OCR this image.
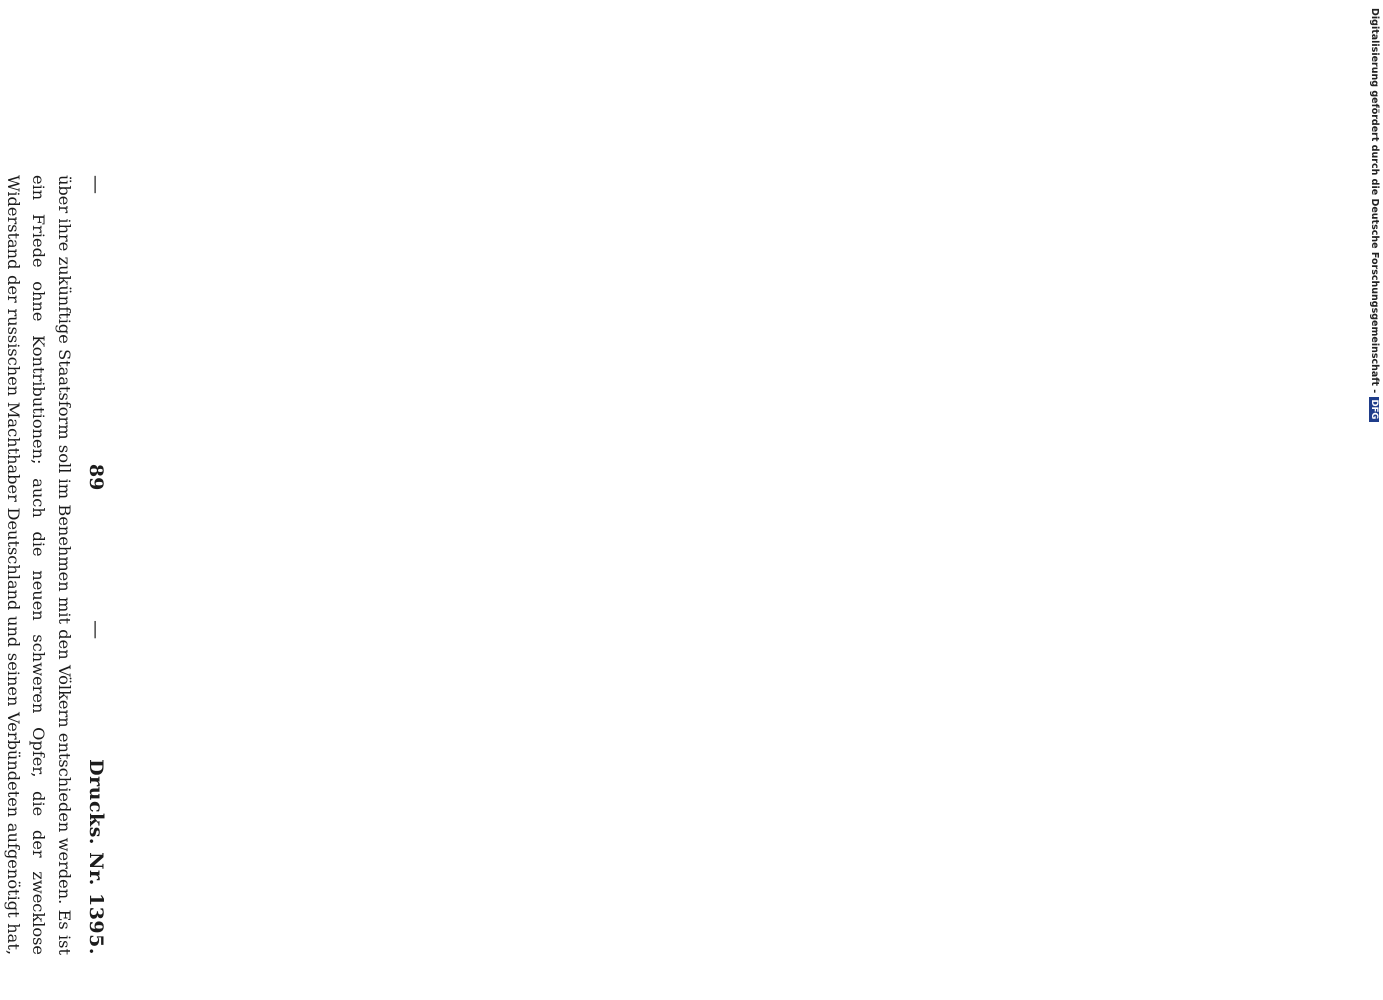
—
89
—
Drucks. Nr. 1395.

über ihre zukünftige Staatsform soll im Benehmen mit den Völkern entschieden werden. Es ist ein Friede ohne Kontributionen; auch die neuen schweren Opfer, die der zwecklose Widerstand der russischen Machthaber Deutschland und seinen Verbündeten aufgenötigt hat,

Digitalisierung gefördert durch die Deutsche Forschungsgemeinschaft - DFG
